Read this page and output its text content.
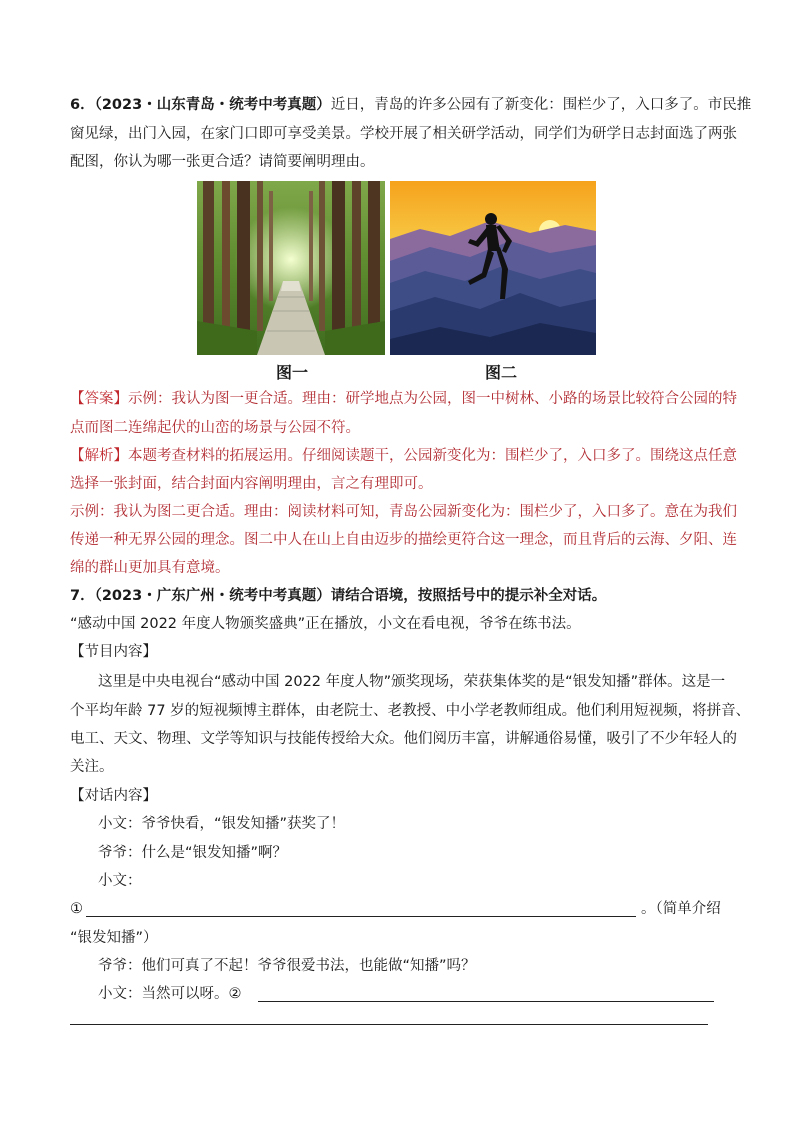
6．（2023・山东青岛・统考中考真题）近日，青岛的许多公园有了新变化：围栏少了，入口多了。市民推
窗见绿，出门入园，在家门口即可享受美景。学校开展了相关研学活动，同学们为研学日志封面选了两张
配图，你认为哪一张更合适？请简要阐明理由。
图一	图二
【答案】示例：我认为图一更合适。理由：研学地点为公园，图一中树林、小路的场景比较符合公园的特
点而图二连绵起伏的山峦的场景与公园不符。
【解析】本题考查材料的拓展运用。仔细阅读题干，公园新变化为：围栏少了，入口多了。围绕这点任意
选择一张封面，结合封面内容阐明理由，言之有理即可。
示例：我认为图二更合适。理由：阅读材料可知，青岛公园新变化为：围栏少了，入口多了。意在为我们
传递一种无界公园的理念。图二中人在山上自由迈步的描绘更符合这一理念，而且背后的云海、夕阳、连
绵的群山更加具有意境。
7．（2023・广东广州・统考中考真题）请结合语境，按照括号中的提示补全对话。
“感动中国 2022 年度人物颁奖盛典”正在播放，小文在看电视，爷爷在练书法。
【节目内容】
这里是中央电视台“感动中国 2022 年度人物”颁奖现场，荣获集体奖的是“银发知播”群体。这是一
个平均年龄 77 岁的短视频博主群体，由老院士、老教授、中小学老教师组成。他们利用短视频，将拼音、
电工、天文、物理、文学等知识与技能传授给大众。他们阅历丰富，讲解通俗易懂，吸引了不少年轻人的
关注。
【对话内容】
小文：爷爷快看，“银发知播”获奖了！
爷爷：什么是“银发知播”啊？
小文：
①	。（简单介绍
“银发知播”）
爷爷：他们可真了不起！爷爷很爱书法，也能做“知播”吗？
小文：当然可以呀。②
